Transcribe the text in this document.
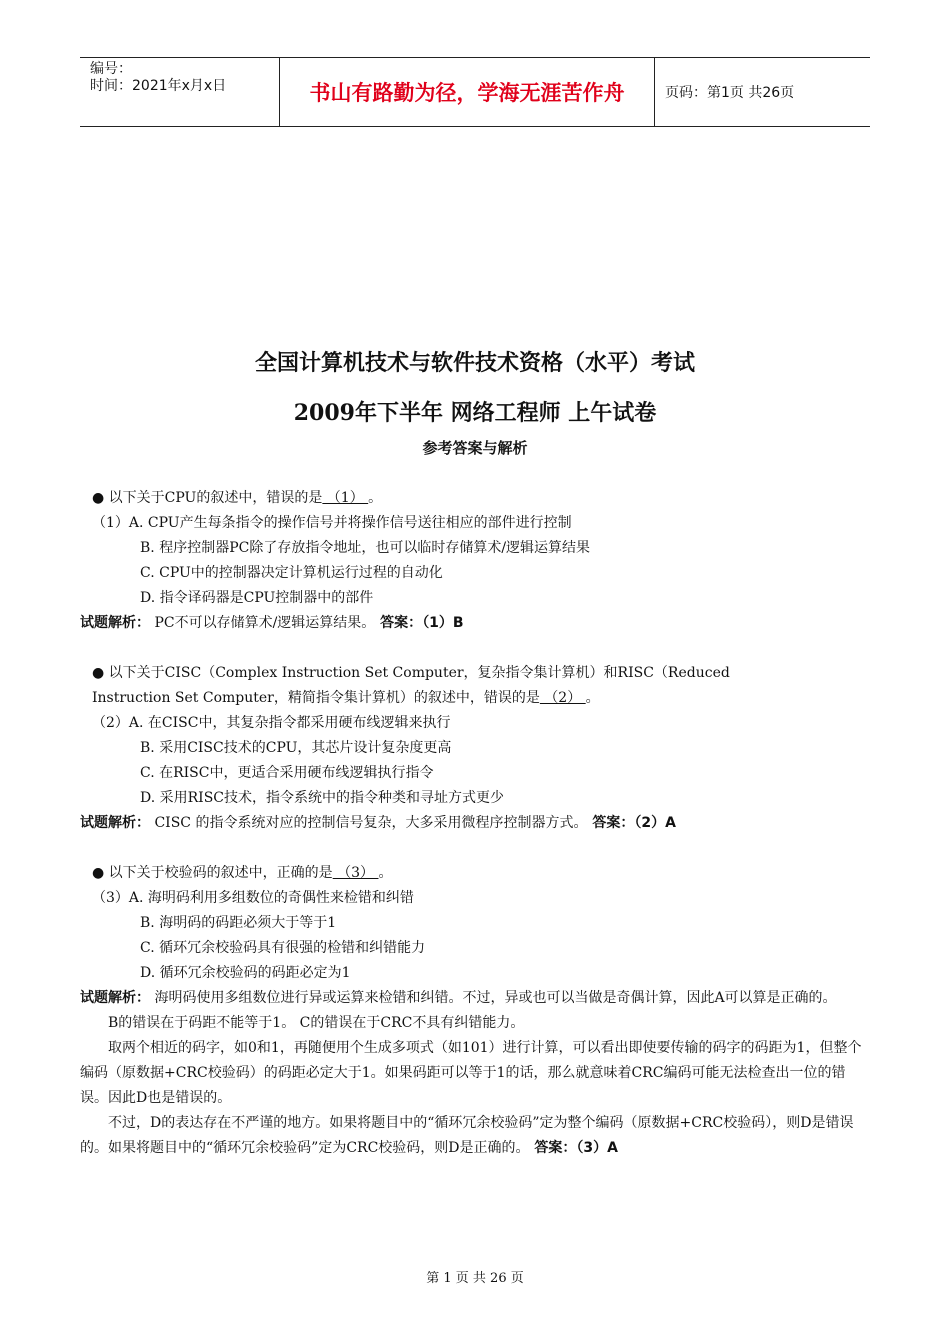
编号：
时间：2021年x月x日	书山有路勤为径，学海无涯苦作舟	页码：第1页 共26页
全国计算机技术与软件技术资格（水平）考试
2009年下半年 网络工程师 上午试卷
参考答案与解析
● 以下关于CPU的叙述中，错误的是 （1） 。
（1）A. CPU产生每条指令的操作信号并将操作信号送往相应的部件进行控制
B. 程序控制器PC除了存放指令地址，也可以临时存储算术/逻辑运算结果
C. CPU中的控制器决定计算机运行过程的自动化
D. 指令译码器是CPU控制器中的部件
试题解析： PC不可以存储算术/逻辑运算结果。 答案：（1）B
● 以下关于CISC（Complex Instruction Set Computer，复杂指令集计算机）和RISC（Reduced
Instruction Set Computer，精简指令集计算机）的叙述中，错误的是 （2） 。
（2）A. 在CISC中，其复杂指令都采用硬布线逻辑来执行
B. 采用CISC技术的CPU，其芯片设计复杂度更高
C. 在RISC中，更适合采用硬布线逻辑执行指令
D. 采用RISC技术，指令系统中的指令种类和寻址方式更少
试题解析： CISC 的指令系统对应的控制信号复杂，大多采用微程序控制器方式。 答案：（2）A
● 以下关于校验码的叙述中，正确的是 （3） 。
（3）A. 海明码利用多组数位的奇偶性来检错和纠错
B. 海明码的码距必须大于等于1
C. 循环冗余校验码具有很强的检错和纠错能力
D. 循环冗余校验码的码距必定为1
试题解析： 海明码使用多组数位进行异或运算来检错和纠错。不过，异或也可以当做是奇偶计算，因此A可以算是正确的。
B的错误在于码距不能等于1。 C的错误在于CRC不具有纠错能力。
取两个相近的码字，如0和1，再随便用个生成多项式（如101）进行计算，可以看出即使要传输的码字的码距为1，但整个编码（原数据+CRC校验码）的码距必定大于1。如果码距可以等于1的话，那么就意味着CRC编码可能无法检查出一位的错误。因此D也是错误的。
不过，D的表达存在不严谨的地方。如果将题目中的“循环冗余校验码”定为整个编码（原数据+CRC校验码），则D是错误的。如果将题目中的“循环冗余校验码”定为CRC校验码，则D是正确的。 答案：（3）A
第 1 页 共 26 页
